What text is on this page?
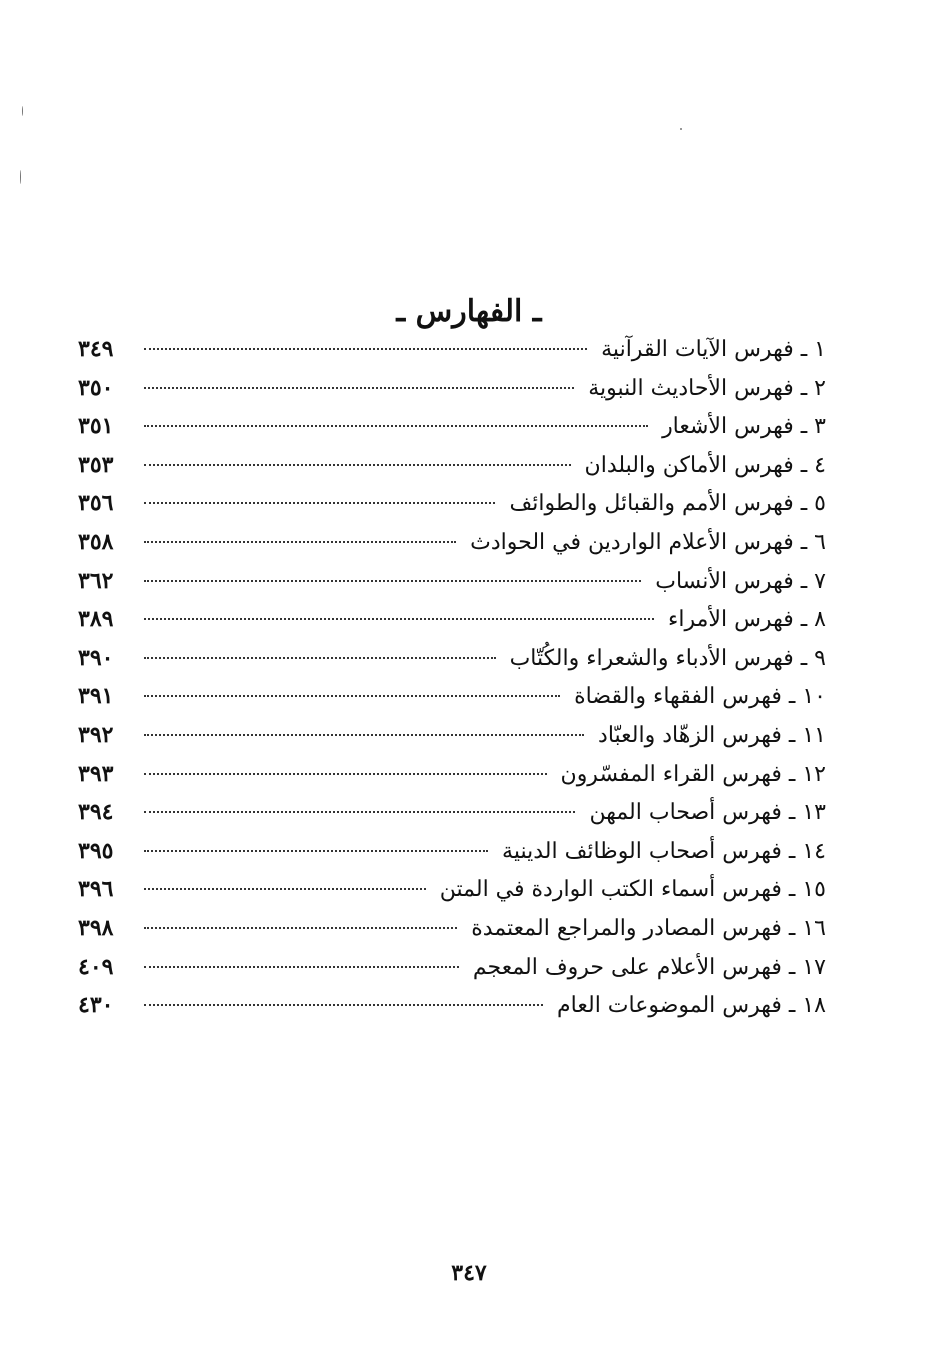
ـ الفهارس ـ
١ ـ فهرس الآيات القرآنية
٣٤٩
٢ ـ فهرس الأحاديث النبوية
٣٥٠
٣ ـ فهرس الأشعار
٣٥١
٤ ـ فهرس الأماكن والبلدان
٣٥٣
٥ ـ فهرس الأمم والقبائل والطوائف
٣٥٦
٦ ـ فهرس الأعلام الواردين في الحوادث
٣٥٨
٧ ـ فهرس الأنساب
٣٦٢
٨ ـ فهرس الأمراء
٣٨٩
٩ ـ فهرس الأدباء والشعراء والكُتّاب
٣٩٠
١٠ ـ فهرس الفقهاء والقضاة
٣٩١
١١ ـ فهرس الزهّاد والعبّاد
٣٩٢
١٢ ـ فهرس القراء المفسّرون
٣٩٣
١٣ ـ فهرس أصحاب المهن
٣٩٤
١٤ ـ فهرس أصحاب الوظائف الدينية
٣٩٥
١٥ ـ فهرس أسماء الكتب الواردة في المتن
٣٩٦
١٦ ـ فهرس المصادر والمراجع المعتمدة
٣٩٨
١٧ ـ فهرس الأعلام على حروف المعجم
٤٠٩
١٨ ـ فهرس الموضوعات العام
٤٣٠
٣٤٧
